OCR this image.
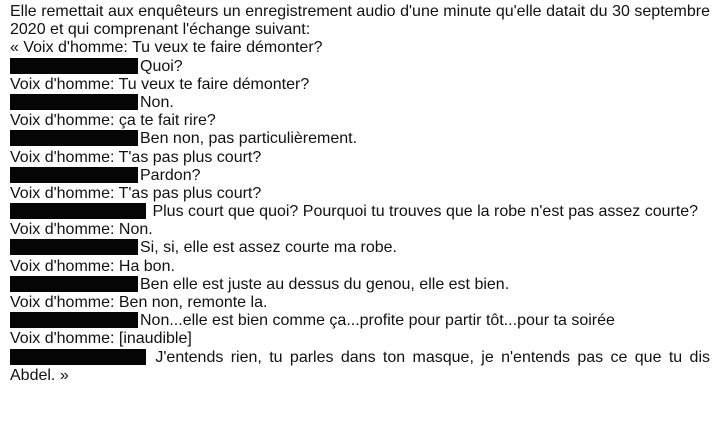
Elle remettait aux enquêteurs un enregistrement audio d'une minute qu'elle datait du 30 septembre 2020 et qui comprenant l'échange suivant:
« Voix d'homme: Tu veux te faire démonter?
Quoi?
Voix d'homme: Tu veux te faire démonter?
Non.
Voix d'homme: ça te fait rire?
Ben non, pas particulièrement.
Voix d'homme: T'as pas plus court?
Pardon?
Voix d'homme: T'as pas plus court?
Plus court que quoi? Pourquoi tu trouves que la robe n'est pas assez courte?
Voix d'homme: Non.
Si, si, elle est assez courte ma robe.
Voix d'homme: Ha bon.
Ben elle est juste au dessus du genou, elle est bien.
Voix d'homme: Ben non, remonte la.
Non...elle est bien comme ça...profite pour partir tôt...pour ta soirée
Voix d'homme: [inaudible]
J'entends rien, tu parles dans ton masque, je n'entends pas ce que tu dis Abdel. »
